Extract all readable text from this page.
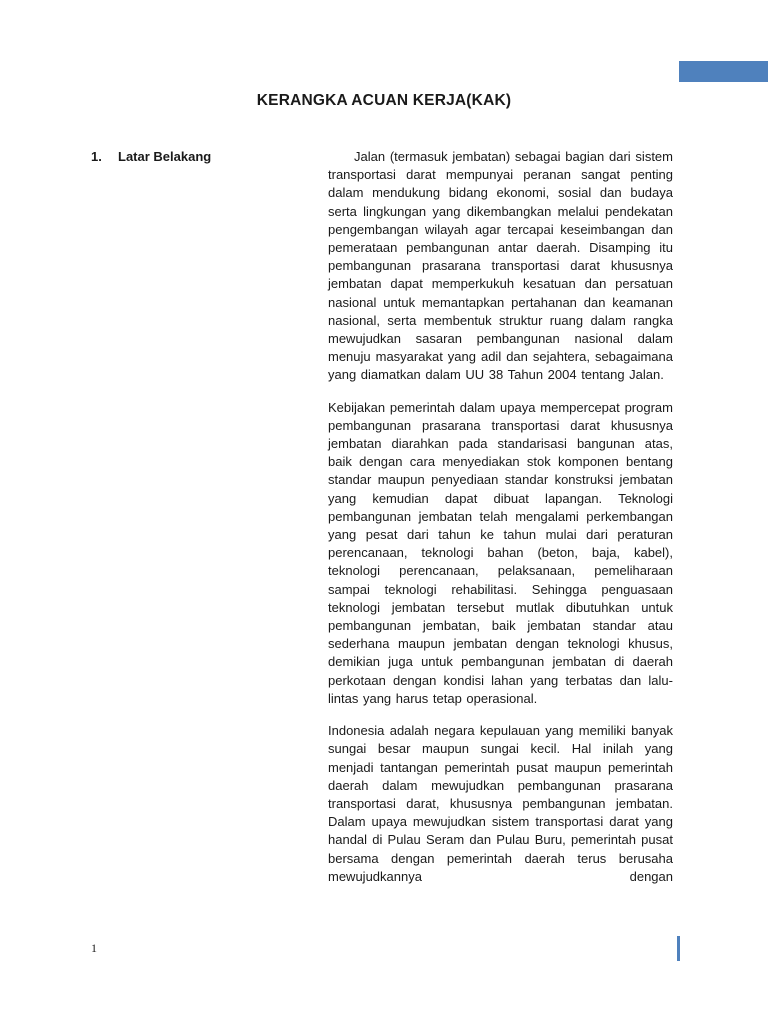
KERANGKA ACUAN KERJA(KAK)
1. Latar Belakang	Jalan (termasuk jembatan) sebagai bagian dari sistem transportasi darat mempunyai peranan sangat penting dalam mendukung bidang ekonomi, sosial dan budaya serta lingkungan yang dikembangkan melalui pendekatan pengembangan wilayah agar tercapai keseimbangan dan pemerataan pembangunan antar daerah. Disamping itu pembangunan prasarana transportasi darat khususnya jembatan dapat memperkukuh kesatuan dan persatuan nasional untuk memantapkan pertahanan dan keamanan nasional, serta membentuk struktur ruang dalam rangka mewujudkan sasaran pembangunan nasional dalam menuju masyarakat yang adil dan sejahtera, sebagaimana yang diamatkan dalam UU 38 Tahun 2004 tentang Jalan.

Kebijakan pemerintah dalam upaya mempercepat program pembangunan prasarana transportasi darat khususnya jembatan diarahkan pada standarisasi bangunan atas, baik dengan cara menyediakan stok komponen bentang standar maupun penyediaan standar konstruksi jembatan yang kemudian dapat dibuat lapangan. Teknologi pembangunan jembatan telah mengalami perkembangan yang pesat dari tahun ke tahun mulai dari peraturan perencanaan, teknologi bahan (beton, baja, kabel), teknologi perencanaan, pelaksanaan, pemeliharaan sampai teknologi rehabilitasi. Sehingga penguasaan teknologi jembatan tersebut mutlak dibutuhkan untuk pembangunan jembatan, baik jembatan standar atau sederhana maupun jembatan dengan teknologi khusus, demikian juga untuk pembangunan jembatan di daerah perkotaan dengan kondisi lahan yang terbatas dan lalu-lintas yang harus tetap operasional.

Indonesia adalah negara kepulauan yang memiliki banyak sungai besar maupun sungai kecil. Hal inilah yang menjadi tantangan pemerintah pusat maupun pemerintah daerah dalam mewujudkan pembangunan prasarana transportasi darat, khususnya pembangunan jembatan. Dalam upaya mewujudkan sistem transportasi darat yang handal di Pulau Seram dan Pulau Buru, pemerintah pusat bersama dengan pemerintah daerah terus berusaha mewujudkannya dengan

1
